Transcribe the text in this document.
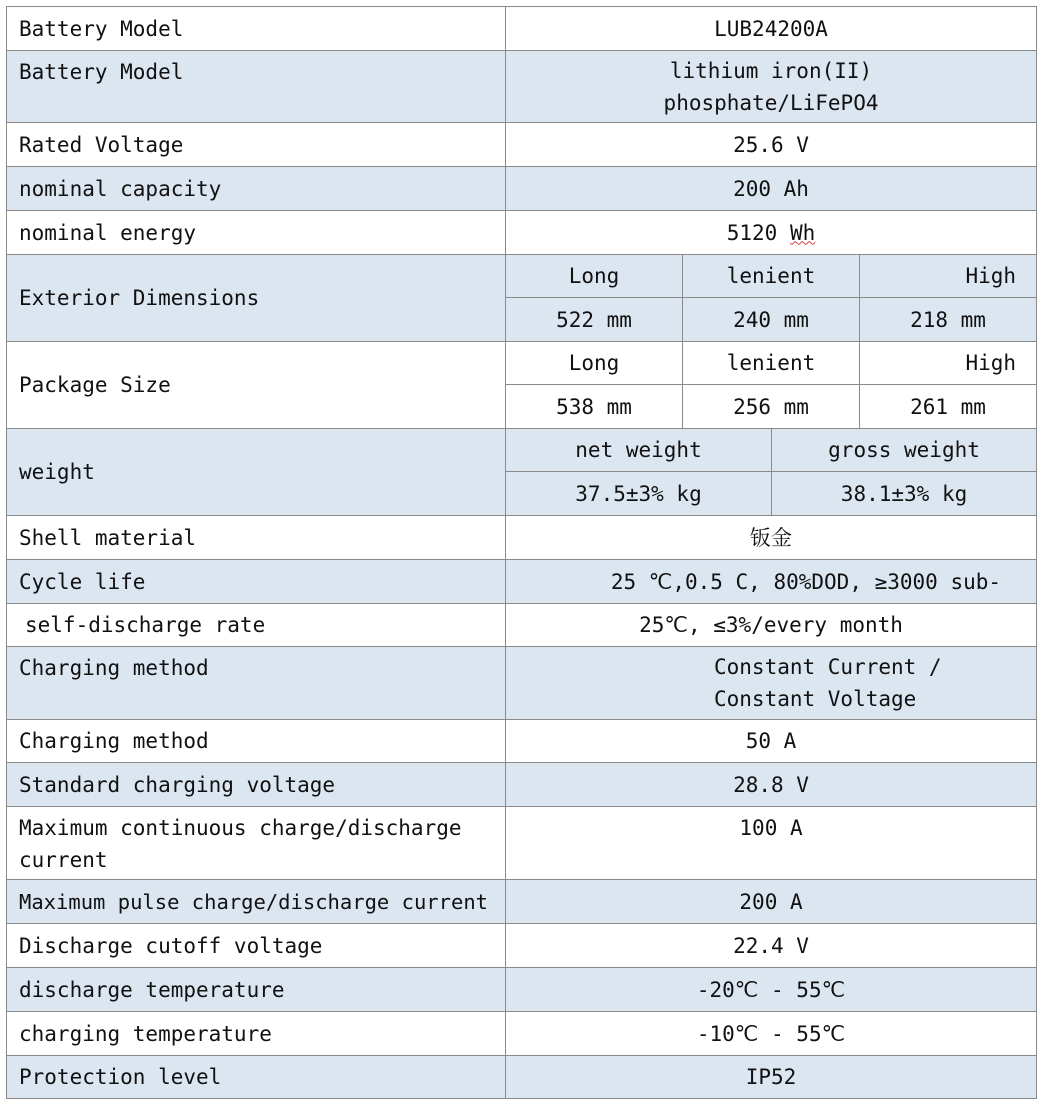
Battery Model	LUB24200A			
Battery Model	lithium iron(II)
phosphate/LiFePO4			

Rated Voltage	25.6 V			
nominal capacity	200 Ah			
nominal energy	5120 Wh			
Exterior Dimensions	Long	lenient		High
	522 mm	240 mm		218 mm
Package Size	Long	lenient		High
	538 mm	256 mm		261 mm
weight	net weight		gross weight	
	37.5±3% kg		38.1±3% kg	
Shell material	钣金			
Cycle life	25 ℃,0.5 C, 80%DOD, ≥3000 sub-			
self-discharge rate	25℃, ≤3%/every month			
Charging method	Constant Current /
Constant Voltage			

Charging method	50 A			
Standard charging voltage	28.8 V			
Maximum continuous charge/discharge current	100 A			
Maximum pulse charge/discharge current	200 A			
Discharge cutoff voltage	22.4 V			
discharge temperature	-20℃ - 55℃			
charging temperature	-10℃ - 55℃			
Protection level	IP52			
